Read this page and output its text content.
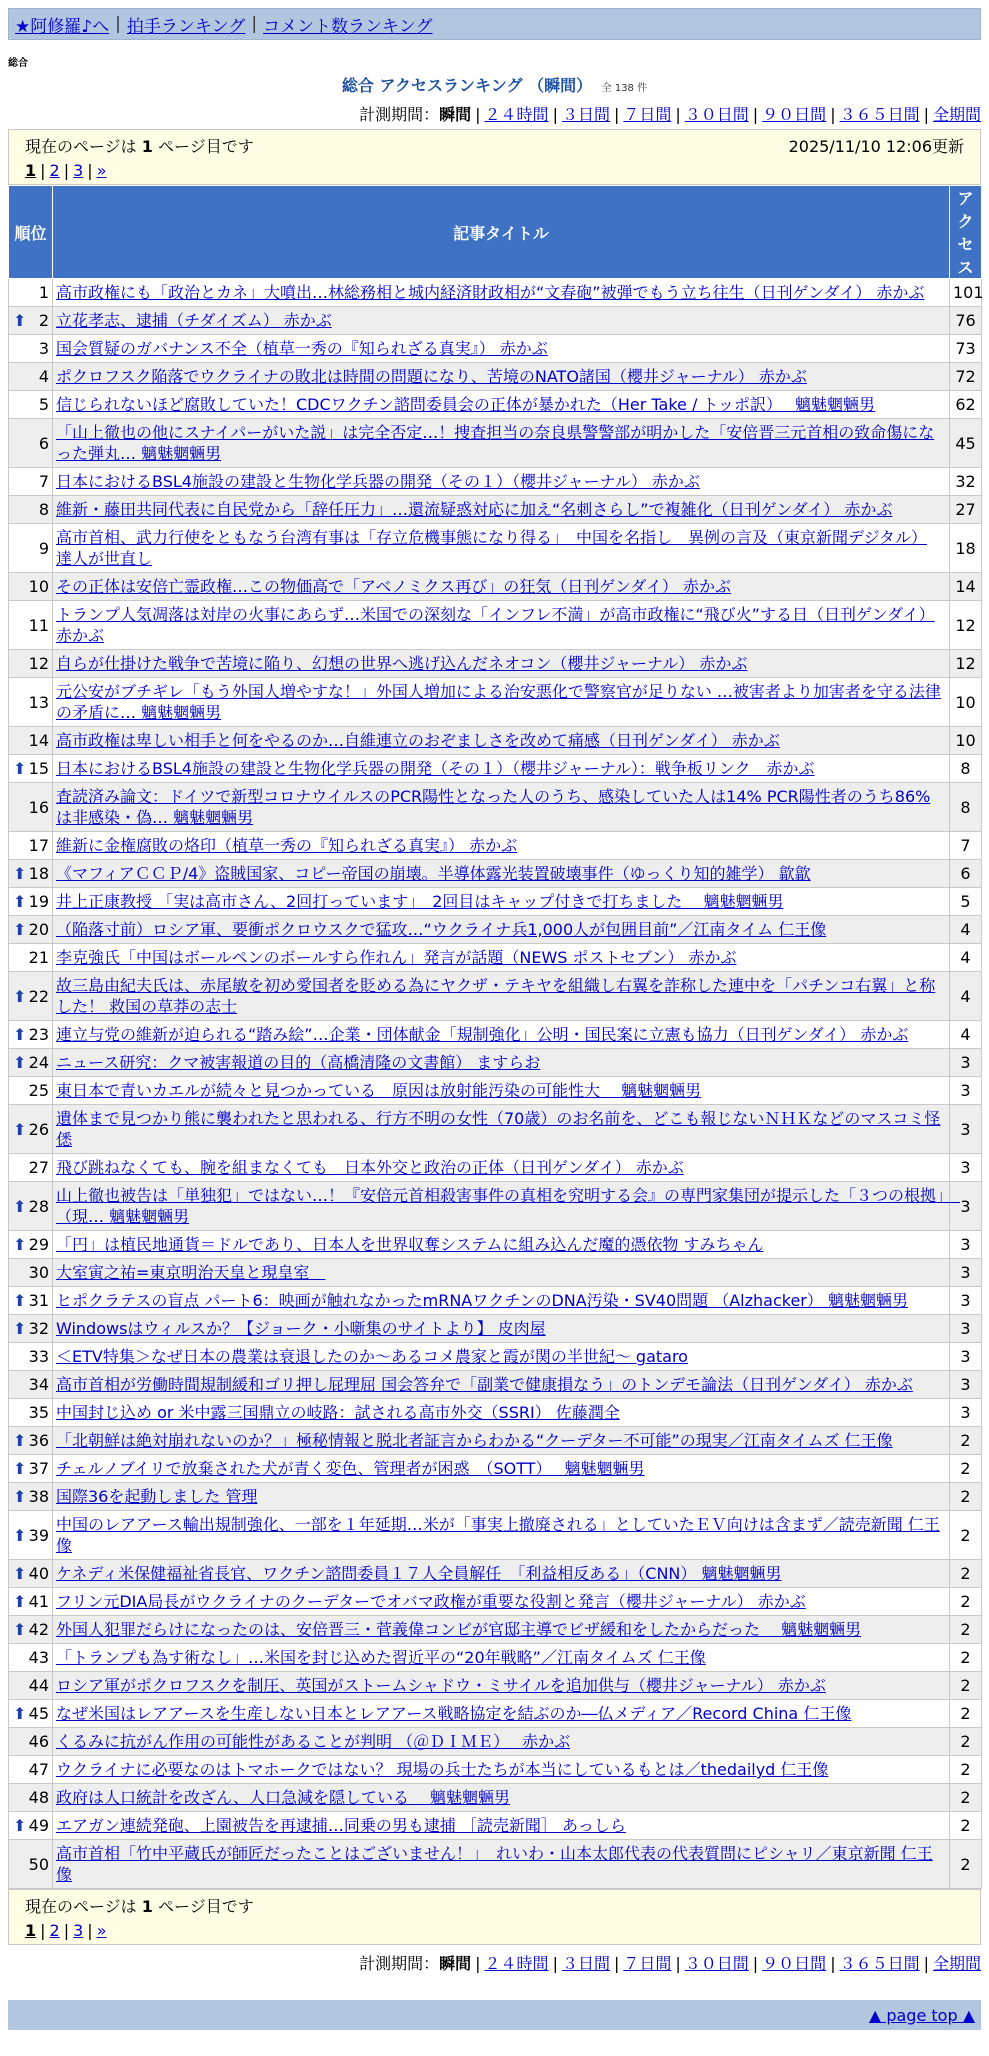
★阿修羅♪へ | 拍手ランキング | コメント数ランキング
総合
総合 アクセスランキング （瞬間） 全 138 件
計測期間：瞬間 | ２４時間 | ３日間 | ７日間 | ３０日間 | ９０日間 | ３６５日間 | 全期間
現在のページは 1 ページ目です	2025/11/10 12:06更新
1 | 2 | 3 | »
順位	記事タイトル	アクセス
1	高市政権にも「政治とカネ」大噴出…林総務相と城内経済財政相が“文春砲”被弾でもう立ち往生（日刊ゲンダイ） 赤かぶ	101

⬆ 2	立花孝志、逮捕（チダイズム） 赤かぶ	76
3	国会質疑のガバナンス不全（植草一秀の『知られざる真実』） 赤かぶ	73
4	ポクロフスク陥落でウクライナの敗北は時間の問題になり、苦境のNATO諸国（櫻井ジャーナル） 赤かぶ	72
5	信じられないほど腐敗していた！CDCワクチン諮問委員会の正体が暴かれた（Her Take / トッポ訳）　 魑魅魍魎男	62
6	「山上徹也の他にスナイパーがいた説」は完全否定…！捜査担当の奈良県警警部が明かした「安倍晋三元首相の致命傷になった弾丸… 魑魅魍魎男	45
7	日本におけるBSL4施設の建設と生物化学兵器の開発（その１）（櫻井ジャーナル） 赤かぶ	32
8	維新・藤田共同代表に自民党から「辞任圧力」…還流疑惑対応に加え“名刺さらし”で複雑化（日刊ゲンダイ） 赤かぶ	27
9	高市首相、武力行使をともなう台湾有事は「存立危機事態になり得る」　中国を名指し　異例の言及（東京新聞デジタル） 達人が世直し	18
10	その正体は安倍亡霊政権…この物価高で「アベノミクス再び」の狂気（日刊ゲンダイ） 赤かぶ	14
11	トランプ人気凋落は対岸の火事にあらず…米国での深刻な「インフレ不満」が高市政権に“飛び火”する日（日刊ゲンダイ） 赤かぶ	12
12	自らが仕掛けた戦争で苦境に陥り、幻想の世界へ逃げ込んだネオコン（櫻井ジャーナル） 赤かぶ	12
13	元公安がブチギレ「もう外国人増やすな！」外国人増加による治安悪化で警察官が足りない …被害者より加害者を守る法律の矛盾に… 魑魅魍魎男	10
14	高市政権は卑しい相手と何をやるのか…自維連立のおぞましさを改めて痛感（日刊ゲンダイ） 赤かぶ	10

⬆ 15	日本におけるBSL4施設の建設と生物化学兵器の開発（その１）（櫻井ジャーナル）：戦争板リンク　赤かぶ	8
16	査読済み論文：ドイツで新型コロナウイルスのPCR陽性となった人のうち、感染していた人は14% PCR陽性者のうち86%は非感染・偽… 魑魅魍魎男	8
17	維新に金権腐敗の烙印（植草一秀の『知られざる真実』） 赤かぶ	7

⬆ 18	《マフィアＣＣＰ/4》盗賊国家、コピー帝国の崩壊。半導体露光装置破壊事件（ゆっくり知的雑学） 歙歙	6

⬆ 19	井上正康教授 「実は高市さん、2回打っています」　2回目はキャップ付きで打ちました　 魑魅魍魎男	5

⬆ 20	（陥落寸前）ロシア軍、要衝ポクロウスクで猛攻…“ウクライナ兵1,000人が包囲目前”／江南タイム 仁王像	4
21	李克強氏「中国はボールペンのボールすら作れん」発言が話題（NEWS ポストセブン） 赤かぶ	4

⬆ 22	故三島由紀夫氏は、赤尾敏を初め愛国者を貶める為にヤクザ・テキヤを組織し右翼を詐称した連中を「パチンコ右翼」と称した！ 救国の草莽の志士	4

⬆ 23	連立与党の維新が迫られる“踏み絵”…企業・団体献金「規制強化」公明・国民案に立憲も協力（日刊ゲンダイ） 赤かぶ	4

⬆ 24	ニュース研究：クマ被害報道の目的（高橋清隆の文書館） ますらお	3
25	東日本で青いカエルが続々と見つかっている　原因は放射能汚染の可能性大　 魑魅魍魎男	3

⬆ 26	遺体まで見つかり熊に襲われたと思われる、行方不明の女性（70歳）のお名前を、どこも報じないＮＨＫなどのマスコミ怪僁	3
27	飛び跳ねなくても、腕を組まなくても　日本外交と政治の正体（日刊ゲンダイ） 赤かぶ	3

⬆ 28	山上徹也被告は「単独犯」ではない…！『安倍元首相殺害事件の真相を究明する会』の専門家集団が提示した「３つの根拠」　（現… 魑魅魍魎男	3

⬆ 29	「円」は植民地通貨＝ドルであり、日本人を世界収奪システムに組み込んだ魔的憑依物 すみちゃん	3
30	大室寅之祐=東京明治天皇と現皇室　	3

⬆ 31	ヒポクラテスの盲点 パート6：映画が触れなかったmRNAワクチンのDNA汚染・SV40問題 （Alzhacker） 魑魅魍魎男	3

⬆ 32	Windowsはウィルスか？【ジョーク・小噺集のサイトより】 皮肉屋	3
33	＜ETV特集＞なぜ日本の農業は衰退したのか〜あるコメ農家と霞が関の半世紀〜 gataro	3
34	高市首相が労働時間規制緩和ゴリ押し屁理屈 国会答弁で「副業で健康損なう」のトンデモ論法（日刊ゲンダイ） 赤かぶ	3
35	中国封じ込め or 米中露三国鼎立の岐路：試される高市外交（SSRI） 佐藤潤全	3

⬆ 36	「北朝鮮は絶対崩れないのか？」極秘情報と脱北者証言からわかる“クーデター不可能”の現実／江南タイムズ 仁王像	2

⬆ 37	チェルノブイリで放棄された犬が青く変色、管理者が困惑　（SOTT）　 魑魅魍魎男	2

⬆ 38	国際36を起動しました 管理	2

⬆ 39	中国のレアアース輸出規制強化、一部を１年延期…米が「事実上撤廃される」としていたＥＶ向けは含まず／読売新聞 仁王像	2

⬆ 40	ケネディ米保健福祉省長官、ワクチン諮問委員１７人全員解任　「利益相反ある」（CNN） 魑魅魍魎男	2

⬆ 41	フリン元DIA局長がウクライナのクーデターでオバマ政権が重要な役割と発言（櫻井ジャーナル） 赤かぶ	2

⬆ 42	外国人犯罪だらけになったのは、安倍晋三・菅義偉コンビが官邸主導でビザ緩和をしたからだった　 魑魅魍魎男	2
43	「トランプも為す術なし」…米国を封じ込めた習近平の“20年戦略”／江南タイムズ 仁王像	2
44	ロシア軍がポクロフスクを制圧、英国がストームシャドウ・ミサイルを追加供与（櫻井ジャーナル） 赤かぶ	2

⬆ 45	なぜ米国はレアアースを生産しない日本とレアアース戦略協定を結ぶのか―仏メディア／Record China 仁王像	2
46	くるみに抗がん作用の可能性があることが判明 （＠ＤＩＭＥ）　 赤かぶ	2
47	ウクライナに必要なのはトマホークではない？ 現場の兵士たちが本当にしているもとは／thedailyd 仁王像	2
48	政府は人口統計を改ざん、人口急減を隠している　 魑魅魍魎男	2

⬆ 49	エアガン連続発砲、上園被告を再逮捕…同乗の男も逮捕 ［読売新聞］ あっしら	2
50	高市首相「竹中平蔵氏が師匠だったことはございません！」　れいわ・山本太郎代表の代表質問にピシャリ／東京新聞 仁王像	2
現在のページは 1 ページ目です
1 | 2 | 3 | »
計測期間：瞬間 | ２４時間 | ３日間 | ７日間 | ３０日間 | ９０日間 | ３６５日間 | 全期間
▲ page top ▲
